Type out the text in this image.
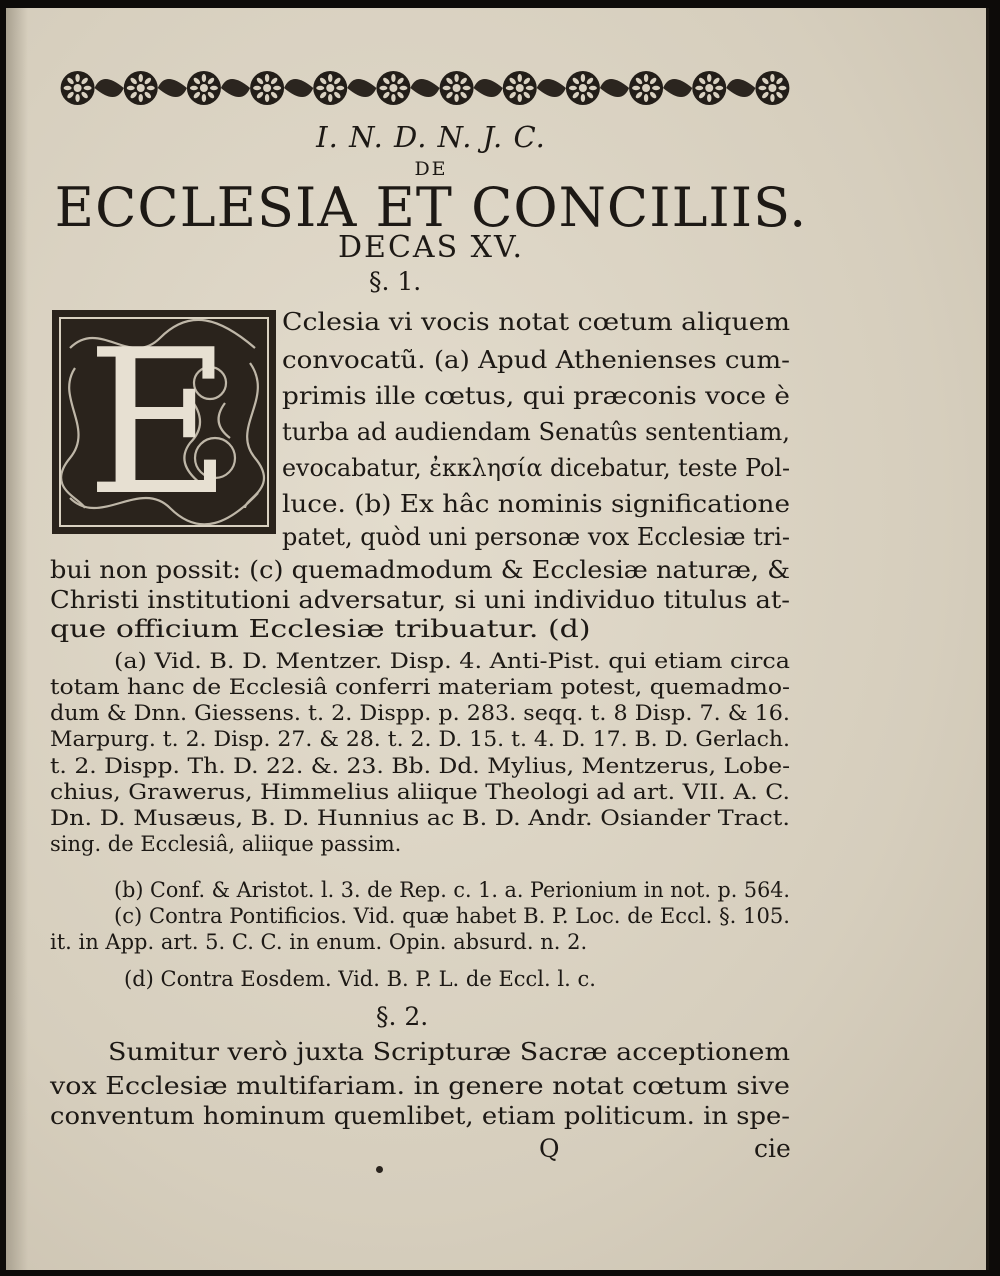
I. N. D. N. J. C.
DE
ECCLESIA ET CONCILIIS.
DECAS XV.
§. 1.
E Cclesia vi vocis notat cœtum aliquem
convocatũ. (a) Apud Athenienses cum-
primis ille cœtus, qui præconis voce è
turba ad audiendam Senatûs sententiam,
evocabatur, ἐκκλησία dicebatur, teste Pol-
luce. (b) Ex hâc nominis significatione
patet, quòd uni personæ vox Ecclesiæ tri-
bui non possit: (c) quemadmodum & Ecclesiæ naturæ, &
Christi institutioni adversatur, si uni individuo titulus at-
que officium Ecclesiæ tribuatur. (d)
(a) Vid. B. D. Mentzer. Disp. 4. Anti-Pist. qui etiam circa
totam hanc de Ecclesiâ conferri materiam potest, quemadmo-
dum & Dnn. Giessens. t. 2. Dispp. p. 283. seqq. t. 8 Disp. 7. & 16.
Marpurg. t. 2. Disp. 27. & 28. t. 2. D. 15. t. 4. D. 17. B. D. Gerlach.
t. 2. Dispp. Th. D. 22. &. 23. Bb. Dd. Mylius, Mentzerus, Lobe-
chius, Grawerus, Himmelius aliique Theologi ad art. VII. A. C.
Dn. D. Musæus, B. D. Hunnius ac B. D. Andr. Osiander Tract.
sing. de Ecclesiâ, aliique passim.
(b) Conf. & Aristot. l. 3. de Rep. c. 1. a. Perionium in not. p. 564.
(c) Contra Pontificios. Vid. quæ habet B. P. Loc. de Eccl. §. 105.
it. in App. art. 5. C. C. in enum. Opin. absurd. n. 2.
(d) Contra Eosdem. Vid. B. P. L. de Eccl. l. c.
Sumitur verò juxta Scripturæ Sacræ acceptionem
vox Ecclesiæ multifariam. in genere notat cœtum sive
conventum hominum quemlibet, etiam politicum. in spe-
§. 2.
Q	cie
